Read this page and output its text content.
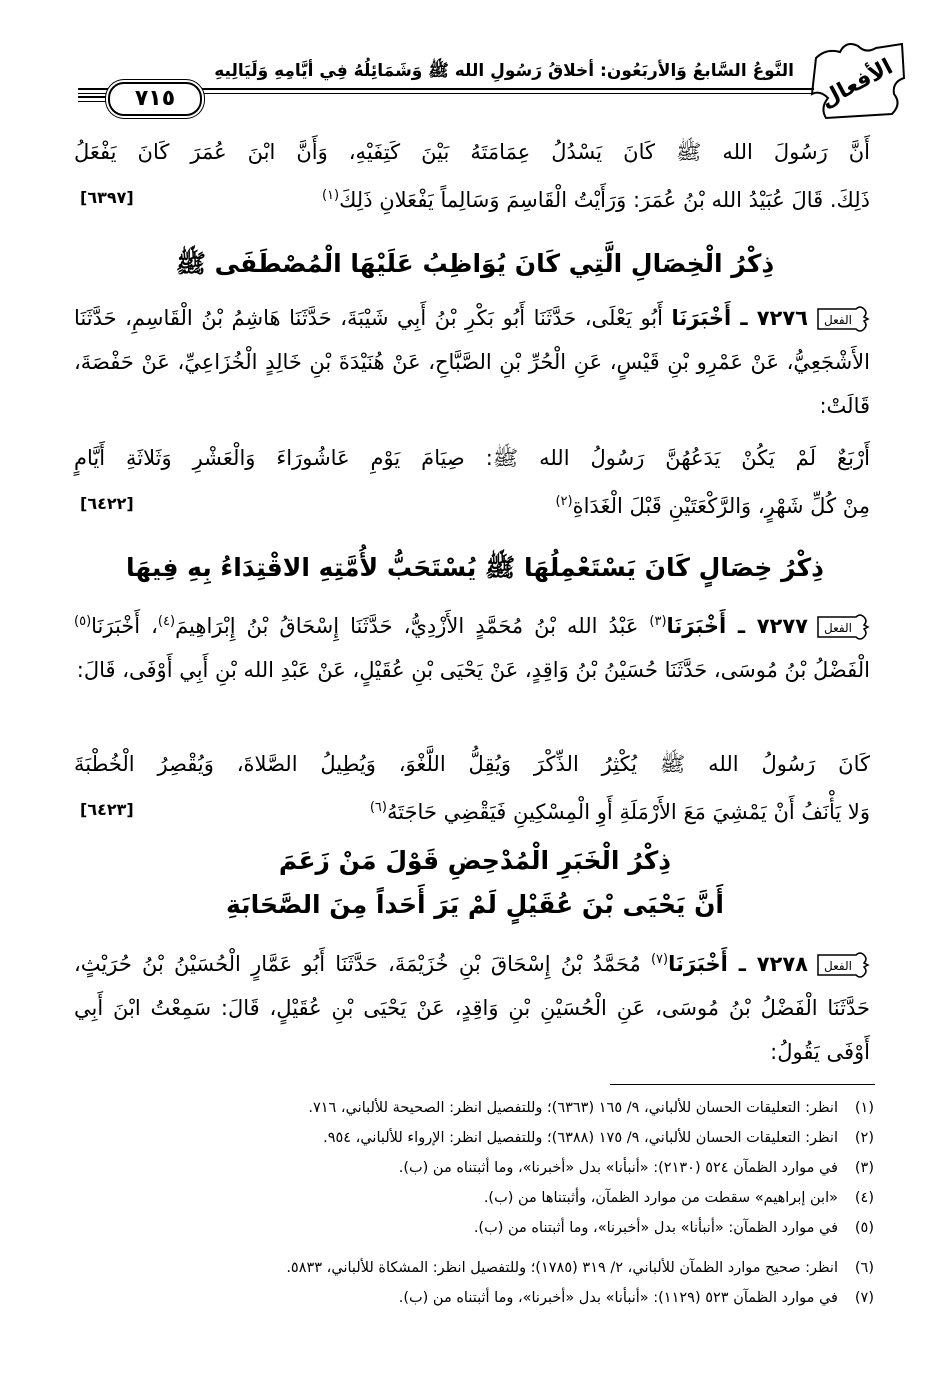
الأفعال
النَّوعُ السَّابعُ وَالأربَعُون: أخلاقُ رَسُولِ الله ﷺ وَشَمَائِلُهُ فِي أيَّامِهِ وَلَيَالِيهِ
٧١٥
أَنَّ رَسُولَ الله ﷺ كَانَ يَسْدُلُ عِمَامَتَهُ بَيْنَ كَتِفَيْهِ، وَأَنَّ ابْنَ عُمَرَ كَانَ يَفْعَلُ
ذَلِكَ. قَالَ عُبَيْدُ الله بْنُ عُمَرَ: وَرَأَيْتُ الْقَاسِمَ وَسَالِماً يَفْعَلانِ ذَلِكَ$^{(١)}$
[٦٣٩٧]
ذِكْرُ الْخِصَالِ الَّتِي كَانَ يُوَاظِبُ عَلَيْهَا الْمُصْطَفَى ﷺ
الفعل
٧٢٧٦ ـ أَخْبَرَنَا أَبُو يَعْلَى، حَدَّثَنَا أَبُو بَكْرِ بْنُ أَبِي شَيْبَةَ، حَدَّثَنَا هَاشِمُ بْنُ الْقَاسِمِ، حَدَّثَنَا الأَشْجَعِيُّ، عَنْ عَمْرِو بْنِ قَيْسٍ، عَنِ الْحُرِّ بْنِ الصَّبَّاحِ، عَنْ هُنَيْدَةَ بْنِ خَالِدٍ الْخُزَاعِيِّ، عَنْ حَفْصَةَ، قَالَتْ:
أَرْبَعٌ لَمْ يَكُنْ يَدَعُهُنَّ رَسُولُ الله ﷺ: صِيَامَ يَوْمِ عَاشُورَاءَ وَالْعَشْرِ وَثَلاثَةِ أَيَّامٍ
مِنْ كُلِّ شَهْرٍ، وَالرَّكْعَتَيْنِ قَبْلَ الْغَدَاةِ$^{(٢)}$
[٦٤٢٢]
ذِكْرُ خِصَالٍ كَانَ يَسْتَعْمِلُهَا ﷺ يُسْتَحَبُّ لأُمَّتِهِ الاقْتِدَاءُ بِهِ فِيهَا
الفعل
٧٢٧٧ ـ أَخْبَرَنَا$^{(٣)}$ عَبْدُ الله بْنُ مُحَمَّدٍ الأَزْدِيُّ، حَدَّثَنَا إِسْحَاقُ بْنُ إِبْرَاهِيمَ$^{(٤)}$، أَخْبَرَنَا$^{(٥)}$ الْفَضْلُ بْنُ مُوسَى، حَدَّثَنَا حُسَيْنُ بْنُ وَاقِدٍ، عَنْ يَحْيَى بْنِ عُقَيْلٍ، عَنْ عَبْدِ الله بْنِ أَبِي أَوْفَى، قَالَ:
كَانَ رَسُولُ الله ﷺ يُكْثِرُ الذِّكْرَ وَيُقِلُّ اللَّغْوَ، وَيُطِيلُ الصَّلاةَ، وَيُقْصِرُ الْخُطْبَةَ
وَلا يَأْنَفُ أَنْ يَمْشِيَ مَعَ الأَرْمَلَةِ أَوِ الْمِسْكِينِ فَيَقْضِي حَاجَتَهُ$^{(٦)}$
[٦٤٢٣]
ذِكْرُ الْخَبَرِ الْمُدْحِضِ قَوْلَ مَنْ زَعَمَ
أَنَّ يَحْيَى بْنَ عُقَيْلٍ لَمْ يَرَ أَحَداً مِنَ الصَّحَابَةِ
الفعل
٧٢٧٨ ـ أَخْبَرَنَا$^{(٧)}$ مُحَمَّدُ بْنُ إِسْحَاقَ بْنِ خُزَيْمَةَ، حَدَّثَنَا أَبُو عَمَّارٍ الْحُسَيْنُ بْنُ حُرَيْثٍ، حَدَّثَنَا الْفَضْلُ بْنُ مُوسَى، عَنِ الْحُسَيْنِ بْنِ وَاقِدٍ، عَنْ يَحْيَى بْنِ عُقَيْلٍ، قَالَ: سَمِعْتُ ابْنَ أَبِي أَوْفَى يَقُولُ:
(١)انظر: التعليقات الحسان للألباني، ٩/ ١٦٥ (٦٣٦٣)؛ وللتفصيل انظر: الصحيحة للألباني، ٧١٦.
(٢)انظر: التعليقات الحسان للألباني، ٩/ ١٧٥ (٦٣٨٨)؛ وللتفصيل انظر: الإرواء للألباني، ٩٥٤.
(٣)في موارد الظمآن ٥٢٤ (٢١٣٠): «أنبأنا» بدل «أخبرنا»، وما أثبتناه من (ب).
(٤)«ابن إبراهيم» سقطت من موارد الظمآن، وأثبتناها من (ب).
(٥)في موارد الظمآن: «أنبأنا» بدل «أخبرنا»، وما أثبتناه من (ب).
(٦)انظر: صحيح موارد الظمآن للألباني، ٢/ ٣١٩ (١٧٨٥)؛ وللتفصيل انظر: المشكاة للألباني، ٥٨٣٣.
(٧)في موارد الظمآن ٥٢٣ (١١٢٩): «أنبأنا» بدل «أخبرنا»، وما أثبتناه من (ب).
